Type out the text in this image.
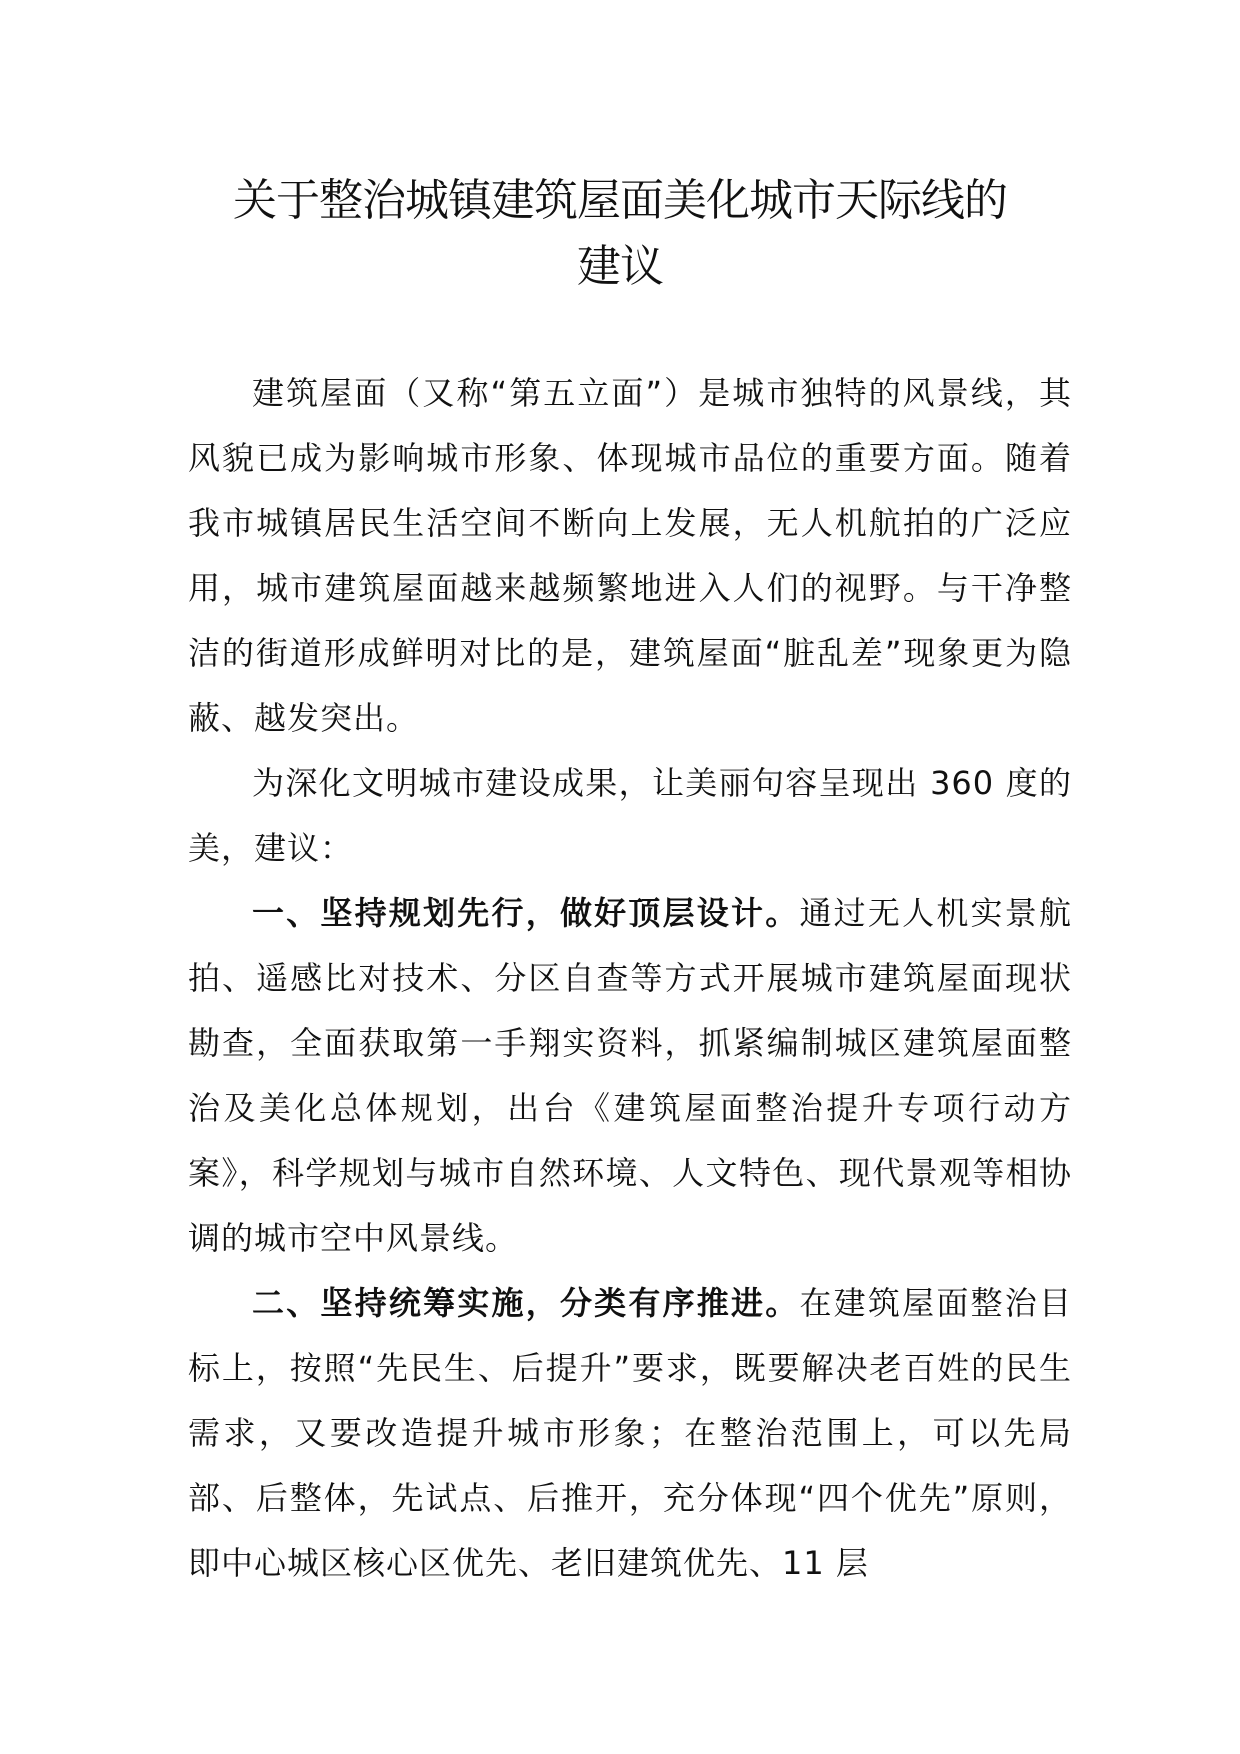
关于整治城镇建筑屋面美化城市天际线的
建议

建筑屋面（又称“第五立面”）是城市独特的风景线，其风貌已成为影响城市形象、体现城市品位的重要方面。随着我市城镇居民生活空间不断向上发展，无人机航拍的广泛应用，城市建筑屋面越来越频繁地进入人们的视野。与干净整洁的街道形成鲜明对比的是，建筑屋面“脏乱差”现象更为隐蔽、越发突出。

为深化文明城市建设成果，让美丽句容呈现出 360 度的美，建议：

一、坚持规划先行，做好顶层设计。通过无人机实景航拍、遥感比对技术、分区自查等方式开展城市建筑屋面现状勘查，全面获取第一手翔实资料，抓紧编制城区建筑屋面整治及美化总体规划，出台《建筑屋面整治提升专项行动方案》，科学规划与城市自然环境、人文特色、现代景观等相协调的城市空中风景线。

二、坚持统筹实施，分类有序推进。在建筑屋面整治目标上，按照“先民生、后提升”要求，既要解决老百姓的民生需求，又要改造提升城市形象；在整治范围上，可以先局部、后整体，先试点、后推开，充分体现“四个优先”原则，即中心城区核心区优先、老旧建筑优先、11 层
